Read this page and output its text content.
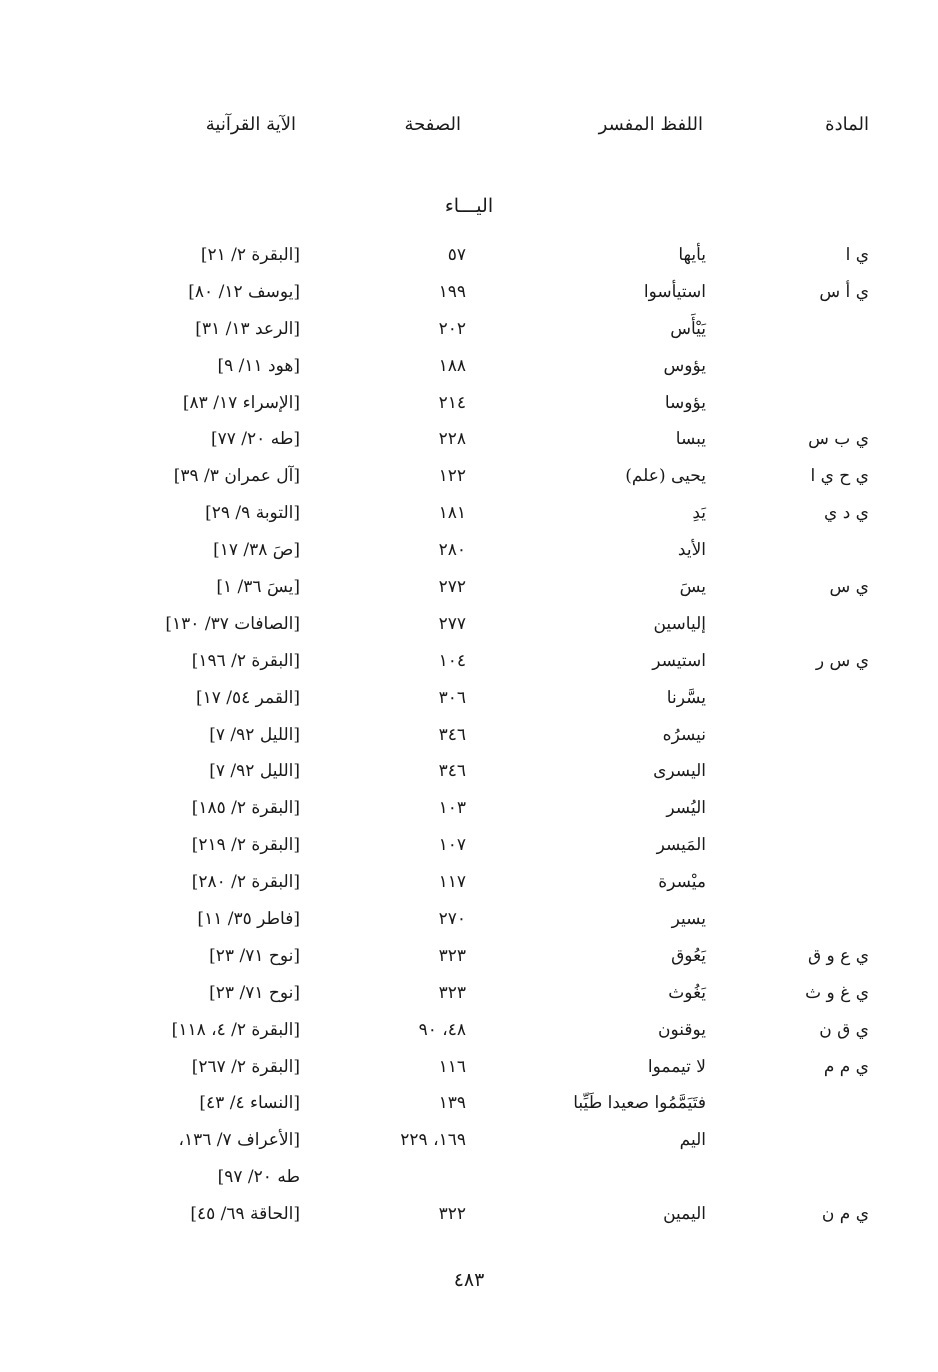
المادة
اللفظ المفسر
الصفحة
الآية القرآنية
اليـــاء
ي ا
يأيها
٥٧
[البقرة ٢/ ٢١]
ي أ س
استيأسوا
١٩٩
[يوسف ١٢/ ٨٠]
يَيْأَس
٢٠٢
[الرعد ١٣/ ٣١]
يؤوس
١٨٨
[هود ١١/ ٩]
يؤوسا
٢١٤
[الإسراء ١٧/ ٨٣]
ي ب س
يبسا
٢٢٨
[طه ٢٠/ ٧٧]
ي ح ي ا
يحيى (علم)
١٢٢
[آل عمران ٣/ ٣٩]
ي د ي
يَدِ
١٨١
[التوبة ٩/ ٢٩]
الأيد
٢٨٠
[صَ ٣٨/ ١٧]
ي س
يسَ
٢٧٢
[يسَ ٣٦/ ١]
إلياسين
٢٧٧
[الصافات ٣٧/ ١٣٠]
ي س ر
استيسر
١٠٤
[البقرة ٢/ ١٩٦]
يسَّرنا
٣٠٦
[القمر ٥٤/ ١٧]
نيسرُه
٣٤٦
[الليل ٩٢/ ٧]
اليسرى
٣٤٦
[الليل ٩٢/ ٧]
اليُسر
١٠٣
[البقرة ٢/ ١٨٥]
المَيسر
١٠٧
[البقرة ٢/ ٢١٩]
ميْسرة
١١٧
[البقرة ٢/ ٢٨٠]
يسير
٢٧٠
[فاطر ٣٥/ ١١]
ي ع و ق
يَعُوق
٣٢٣
[نوح ٧١/ ٢٣]
ي غ و ث
يَغُوث
٣٢٣
[نوح ٧١/ ٢٣]
ي ق ن
يوقنون
٤٨، ٩٠
[البقرة ٢/ ٤، ١١٨]
ي م م
لا تيمموا
١١٦
[البقرة ٢/ ٢٦٧]
فتَيَمَّمُوا صعيدا طَيِّبا
١٣٩
[النساء ٤/ ٤٣]
اليم
١٦٩، ٢٢٩
[الأعراف ٧/ ١٣٦،
طه ٢٠/ ٩٧]
ي م ن
اليمين
٣٢٢
[الحاقة ٦٩/ ٤٥]
٤٨٣
